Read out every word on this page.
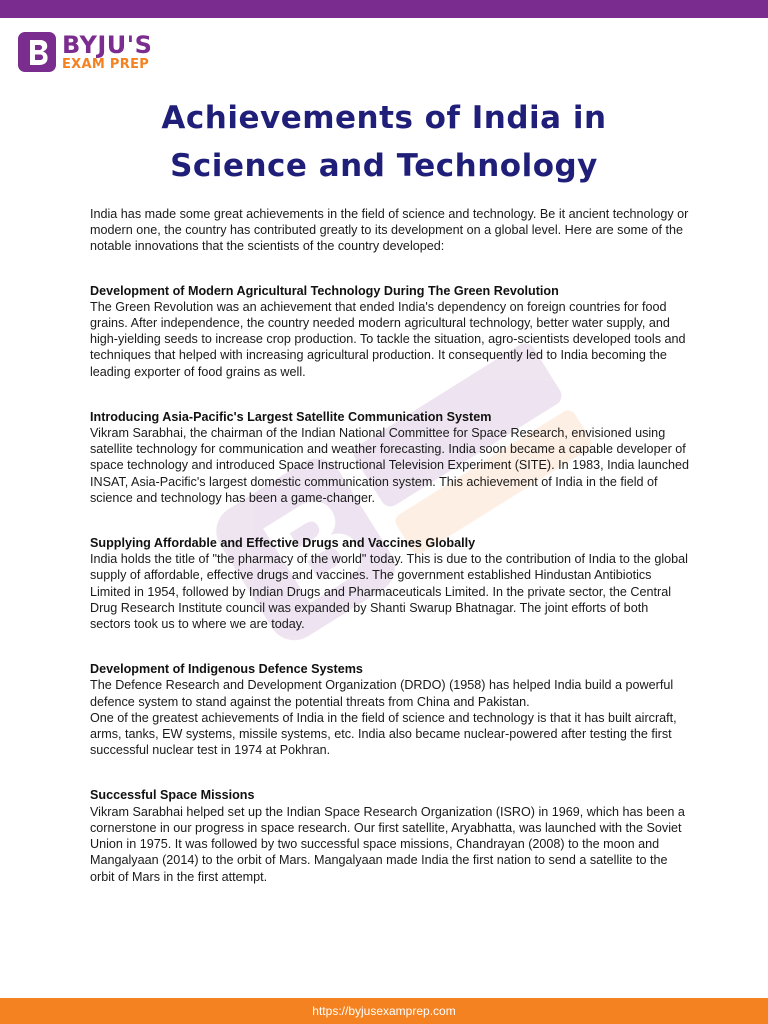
BYJU'S
EXAM PREP
Achievements of India in
Science and Technology

India has made some great achievements in the field of science and technology. Be it ancient technology or modern one, the country has contributed greatly to its development on a global level. Here are some of the notable innovations that the scientists of the country developed:

Development of Modern Agricultural Technology During The Green Revolution

The Green Revolution was an achievement that ended India's dependency on foreign countries for food grains. After independence, the country needed modern agricultural technology, better water supply, and high-yielding seeds to increase crop production. To tackle the situation, agro-scientists developed tools and techniques that helped with increasing agricultural production. It consequently led to India becoming the leading exporter of food grains as well.

Introducing Asia-Pacific's Largest Satellite Communication System

Vikram Sarabhai, the chairman of the Indian National Committee for Space Research, envisioned using satellite technology for communication and weather forecasting. India soon became a capable developer of space technology and introduced Space Instructional Television Experiment (SITE). In 1983, India launched INSAT, Asia-Pacific's largest domestic communication system. This achievement of India in the field of science and technology has been a game-changer.

Supplying Affordable and Effective Drugs and Vaccines Globally

India holds the title of "the pharmacy of the world" today. This is due to the contribution of India to the global supply of affordable, effective drugs and vaccines. The government established Hindustan Antibiotics Limited in 1954, followed by Indian Drugs and Pharmaceuticals Limited. In the private sector, the Central Drug Research Institute council was expanded by Shanti Swarup Bhatnagar. The joint efforts of both sectors took us to where we are today.

Development of Indigenous Defence Systems

The Defence Research and Development Organization (DRDO) (1958) has helped India build a powerful defence system to stand against the potential threats from China and Pakistan.

One of the greatest achievements of India in the field of science and technology is that it has built aircraft, arms, tanks, EW systems, missile systems, etc. India also became nuclear-powered after testing the first successful nuclear test in 1974 at Pokhran.

Successful Space Missions

Vikram Sarabhai helped set up the Indian Space Research Organization (ISRO) in 1969, which has been a cornerstone in our progress in space research. Our first satellite, Aryabhatta, was launched with the Soviet Union in 1975. It was followed by two successful space missions, Chandrayan (2008) to the moon and Mangalyaan (2014) to the orbit of Mars. Mangalyaan made India the first nation to send a satellite to the orbit of Mars in the first attempt.

https://byjusexamprep.com
